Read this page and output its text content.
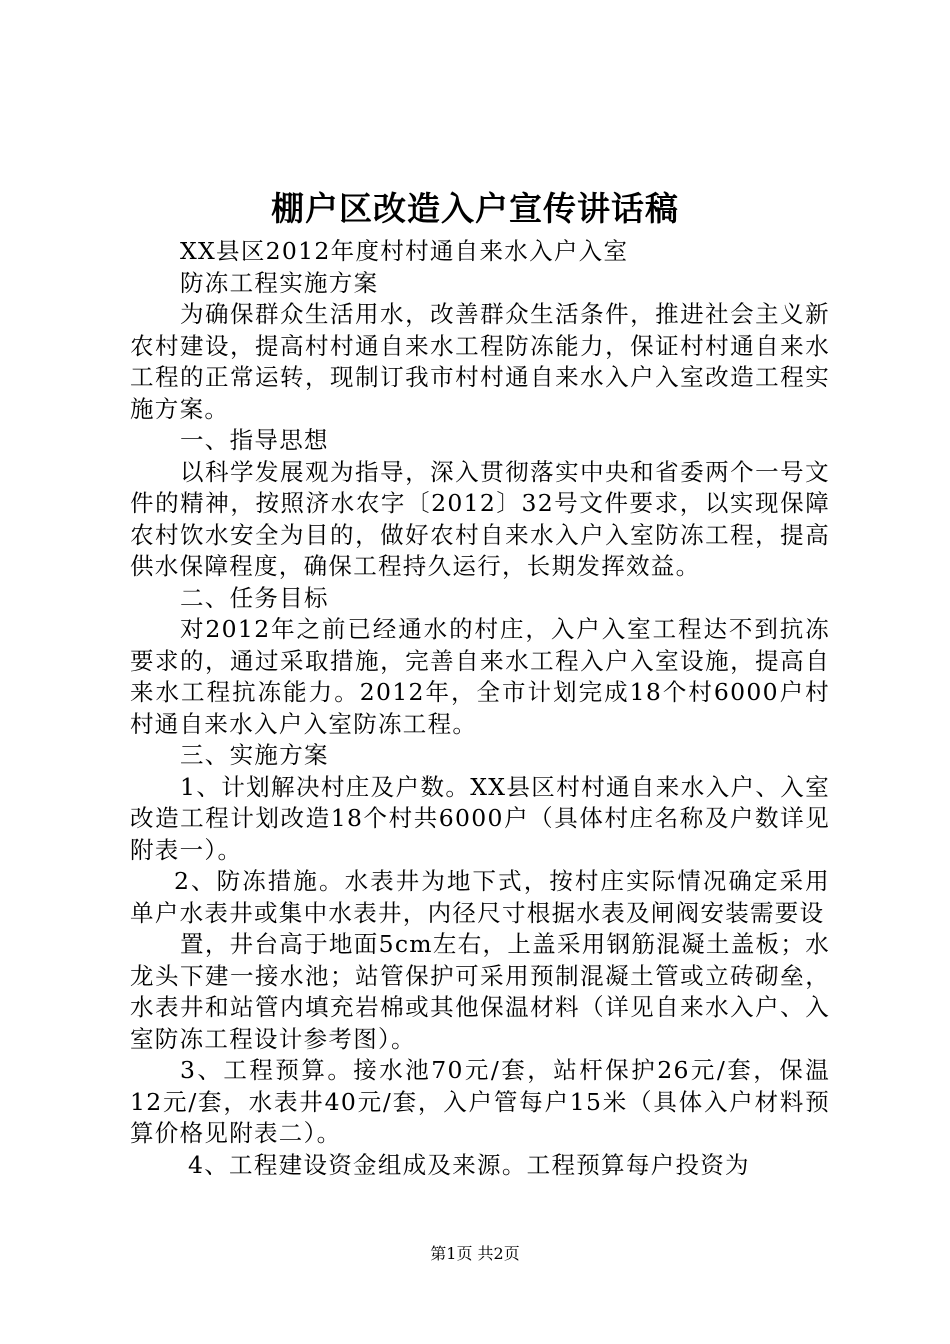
棚户区改造入户宣传讲话稿

XX县区2012年度村村通自来水入户入室

防冻工程实施方案

为确保群众生活用水，改善群众生活条件，推进社会主义新农村建设，提高村村通自来水工程防冻能力，保证村村通自来水工程的正常运转，现制订我市村村通自来水入户入室改造工程实施方案。

一、指导思想

以科学发展观为指导，深入贯彻落实中央和省委两个一号文件的精神，按照济水农字〔2012〕32号文件要求，以实现保障农村饮水安全为目的，做好农村自来水入户入室防冻工程，提高供水保障程度，确保工程持久运行，长期发挥效益。

二、任务目标

对2012年之前已经通水的村庄，入户入室工程达不到抗冻要求的，通过采取措施，完善自来水工程入户入室设施，提高自来水工程抗冻能力。2012年，全市计划完成18个村6000户村村通自来水入户入室防冻工程。

三、实施方案

1、计划解决村庄及户数。XX县区村村通自来水入户、入室改造工程计划改造18个村共6000户（具体村庄名称及户数详见附表一）。

2、防冻措施。水表井为地下式，按村庄实际情况确定采用单户水表井或集中水表井，内径尺寸根据水表及闸阀安装需要设

置，井台高于地面5cm左右，上盖采用钢筋混凝土盖板；水龙头下建一接水池；站管保护可采用预制混凝土管或立砖砌垒，水表井和站管内填充岩棉或其他保温材料（详见自来水入户、入室防冻工程设计参考图）。

3、工程预算。接水池70元/套，站杆保护26元/套，保温12元/套，水表井40元/套，入户管每户15米（具体入户材料预算价格见附表二）。

4、工程建设资金组成及来源。工程预算每户投资为

第1页 共2页
